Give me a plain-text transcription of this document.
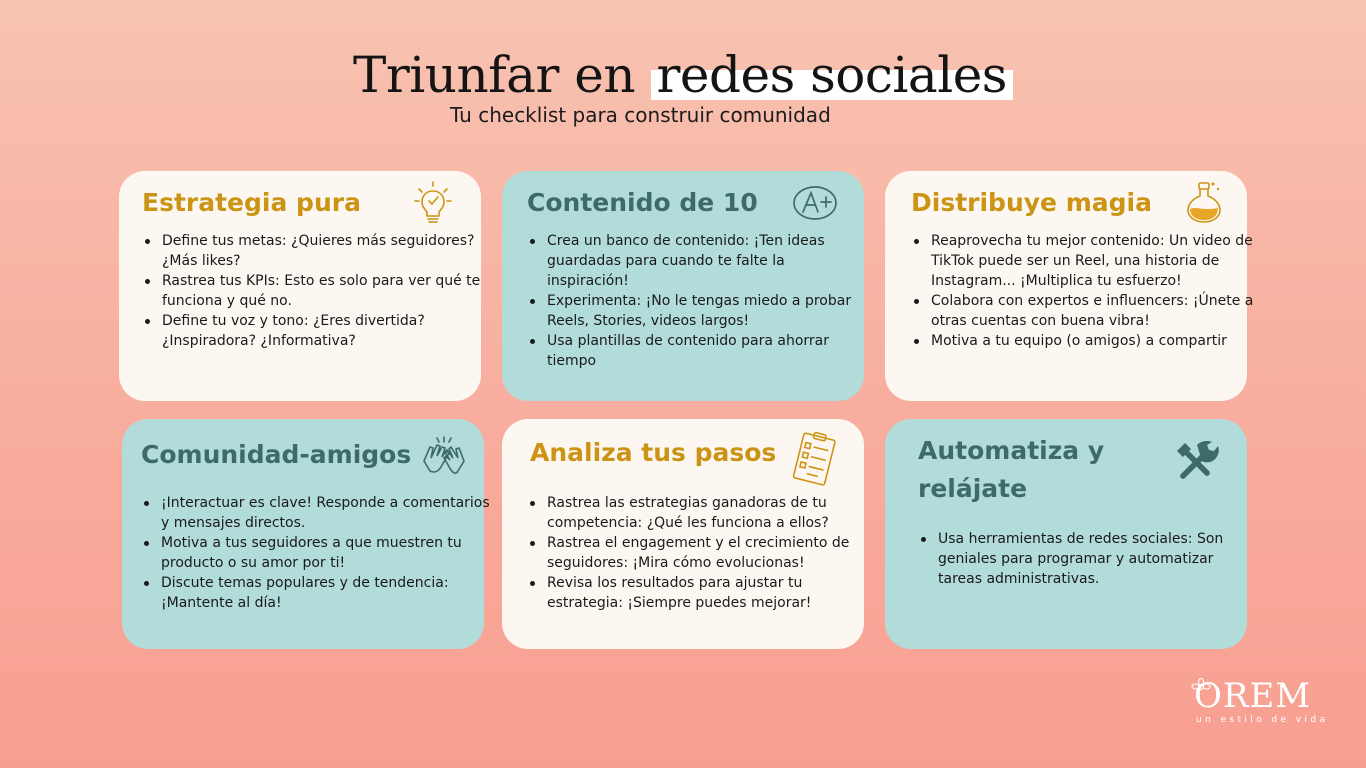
Triunfar en redes sociales
Tu checklist para construir comunidad
Estrategia pura
Define tus metas: ¿Quieres más seguidores? ¿Más likes?
Rastrea tus KPIs: Esto es solo para ver qué te funciona y qué no.
Define tu voz y tono: ¿Eres divertida? ¿Inspiradora? ¿Informativa?
Contenido de 10
Crea un banco de contenido: ¡Ten ideas guardadas para cuando te falte la inspiración!
Experimenta: ¡No le tengas miedo a probar Reels, Stories, videos largos!
Usa plantillas de contenido para ahorrar tiempo
Distribuye magia
Reaprovecha tu mejor contenido: Un video de TikTok puede ser un Reel, una historia de Instagram... ¡Multiplica tu esfuerzo!
Colabora con expertos e influencers: ¡Únete a otras cuentas con buena vibra!
Motiva a tu equipo (o amigos) a compartir
Comunidad-amigos
¡Interactuar es clave! Responde a comentarios y mensajes directos.
Motiva a tus seguidores a que muestren tu producto o su amor por ti!
Discute temas populares y de tendencia: ¡Mantente al día!
Analiza tus pasos
Rastrea las estrategias ganadoras de tu competencia: ¿Qué les funciona a ellos?
Rastrea el engagement y el crecimiento de seguidores: ¡Mira cómo evolucionas!
Revisa los resultados para ajustar tu estrategia: ¡Siempre puedes mejorar!
Automatiza y relájate
Usa herramientas de redes sociales: Son geniales para programar y automatizar tareas administrativas.
OREM
un estilo de vida
